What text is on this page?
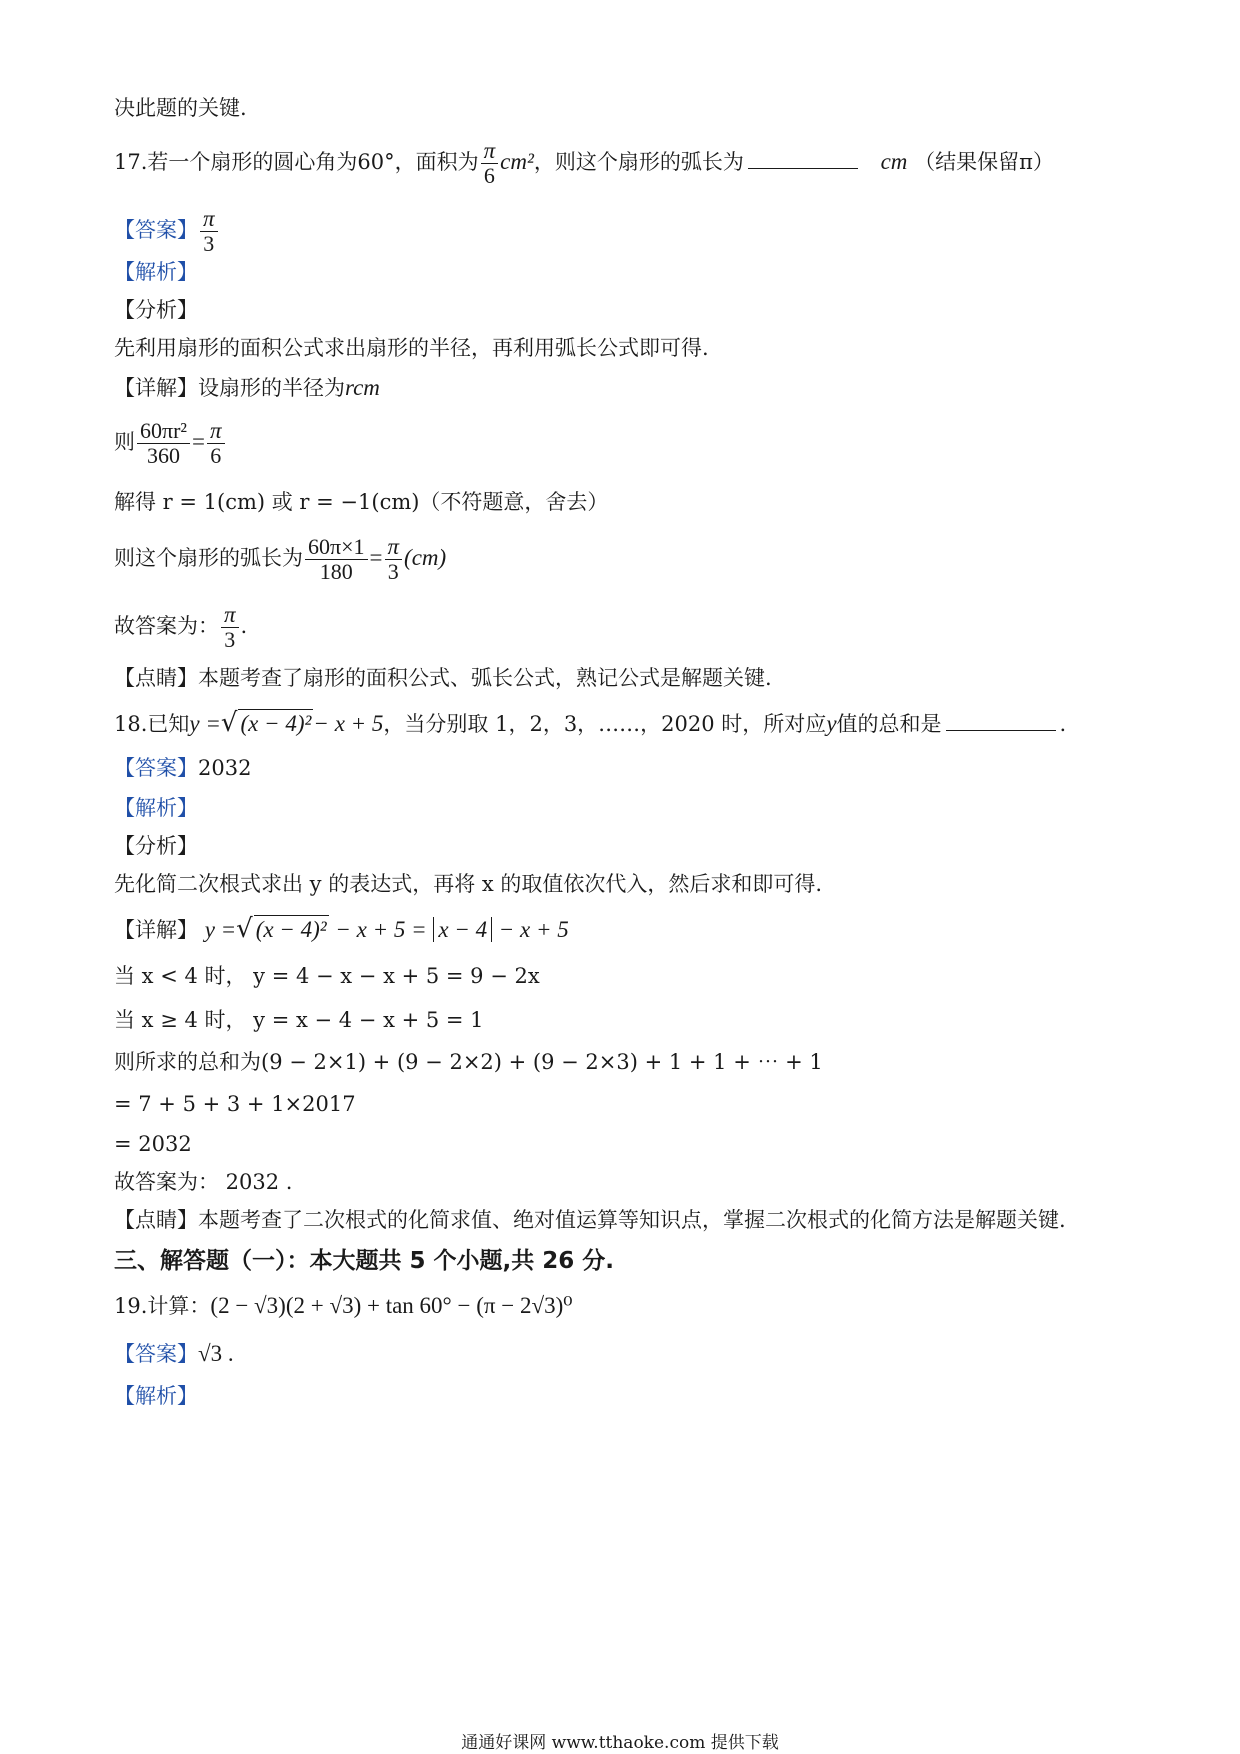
决此题的关键.
17.若一个扇形的圆心角为60°，面积为 $\frac{\pi}{6} cm^2$，则这个扇形的弧长为	cm （结果保留π）
【答案】 $\frac{\pi}{3}$
【解析】
【分析】
先利用扇形的面积公式求出扇形的半径，再利用弧长公式即可得.
【详解】设扇形的半径为rcm
则 $\frac{\text{60πr²}}{360} = \frac{\pi}{6}$
解得 r = 1(cm) 或 r = −1(cm)（不符题意，舍去）
则这个扇形的弧长为 $\frac{60\pi\times 1}{180} = \frac{\pi}{3} (cm)$
故答案为： $\frac{\pi}{3}$ .
【点睛】本题考查了扇形的面积公式、弧长公式，熟记公式是解题关键.
18.已知y =√ (x − 4)²− x + 5，当分别取 1，2，3，……，2020 时，所对应y值的总和是	.
【答案】2032
【解析】
【分析】
先化简二次根式求出 y 的表达式，再将 x 的取值依次代入，然后求和即可得.
【详解】 y =√ (x − 4)² − x + 5 = x − 4 − x + 5
当 x < 4 时， y = 4 − x − x + 5 = 9 − 2x
当 x ≥ 4 时， y = x − 4 − x + 5 = 1
则所求的总和为(9 − 2×1) + (9 − 2×2) + (9 − 2×3) + 1 + 1 + ⋯ + 1
= 7 + 5 + 3 + 1×2017
= 2032
故答案为： 2032 .
【点睛】本题考查了二次根式的化简求值、绝对值运算等知识点，掌握二次根式的化简方法是解题关键.
三、解答题（一）：本大题共 5 个小题,共 26 分.
19.计算：(2 − √3)(2 + √3) + tan 60° − (π − 2√3)⁰
【答案】√3 .
【解析】
通通好课网 www.tthaoke.com 提供下载
